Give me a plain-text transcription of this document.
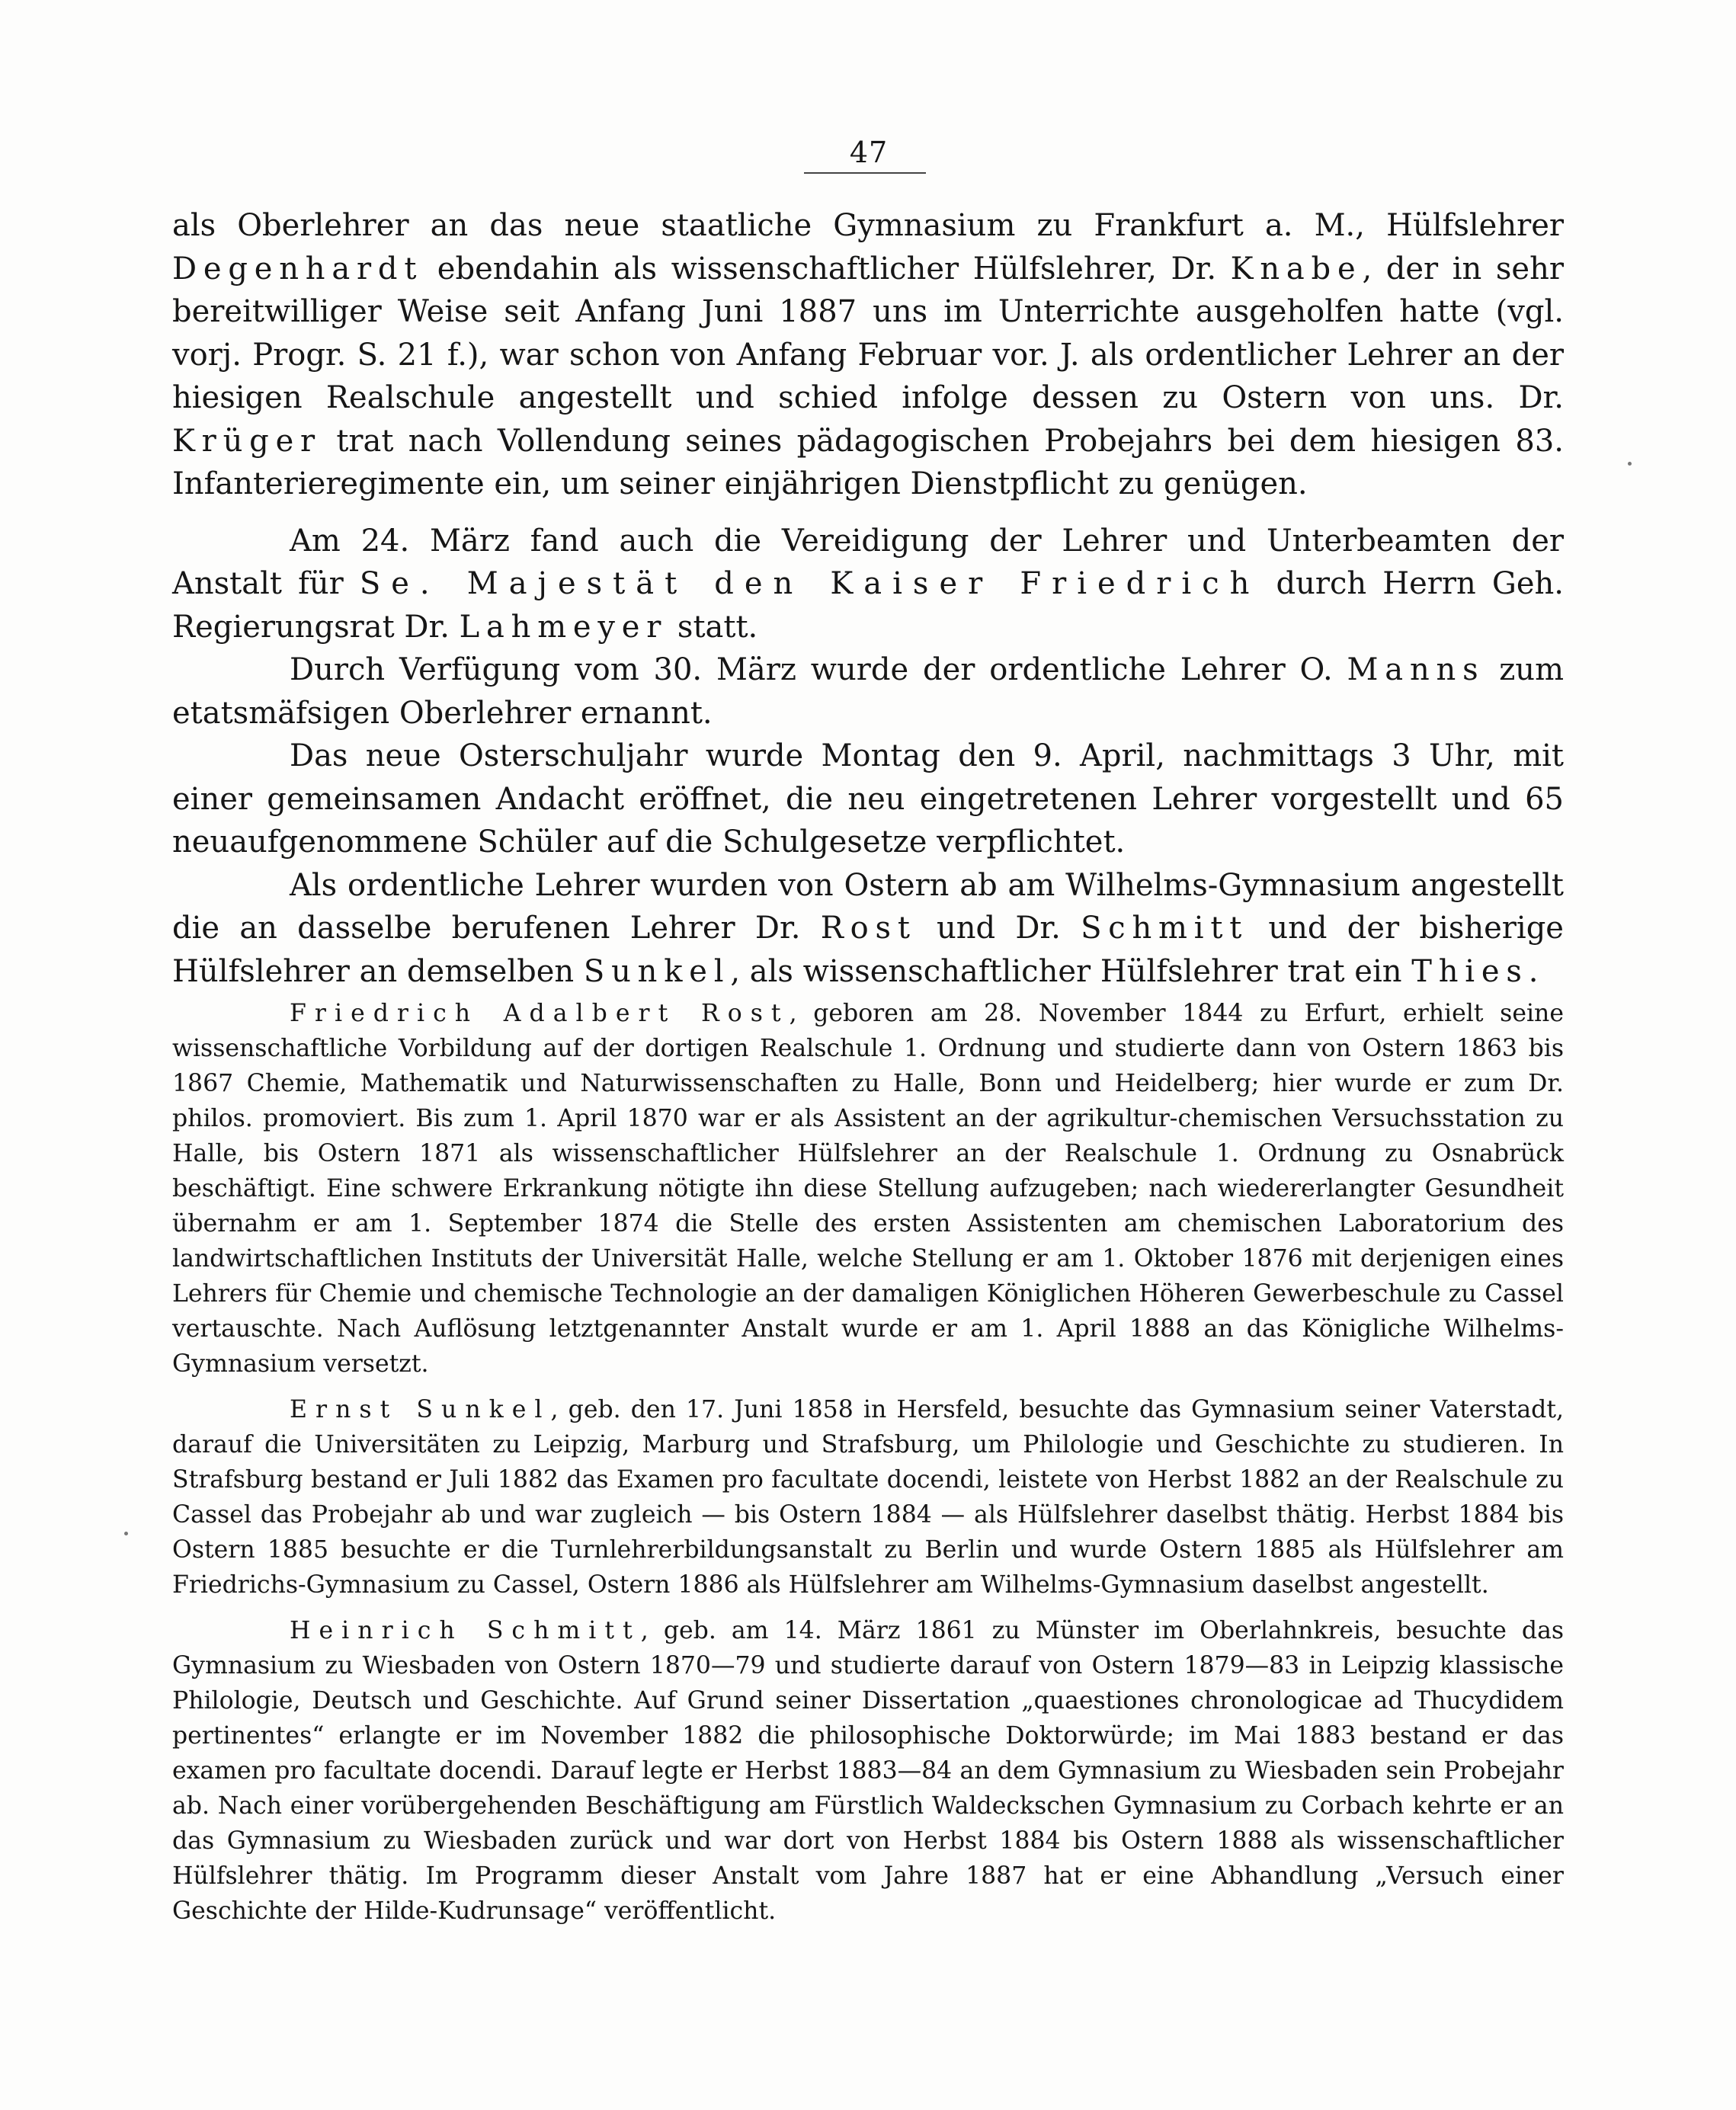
47

als Oberlehrer an das neue staatliche Gymnasium zu Frankfurt a. M., Hülfslehrer Degenhardt ebendahin als wissenschaftlicher Hülfslehrer, Dr. Knabe, der in sehr bereitwilliger Weise seit Anfang Juni 1887 uns im Unterrichte ausgeholfen hatte (vgl. vorj. Progr. S. 21 f.), war schon von Anfang Februar vor. J. als ordentlicher Lehrer an der hiesigen Realschule angestellt und schied infolge dessen zu Ostern von uns. Dr. Krüger trat nach Vollendung seines pädagogischen Probejahrs bei dem hiesigen 83. Infanterieregimente ein, um seiner einjährigen Dienstpflicht zu genügen.

Am 24. März fand auch die Vereidigung der Lehrer und Unterbeamten der Anstalt für Se. Majestät den Kaiser Friedrich durch Herrn Geh. Regierungsrat Dr. Lahmeyer statt.

Durch Verfügung vom 30. März wurde der ordentliche Lehrer O. Manns zum etatsmäfsigen Oberlehrer ernannt.

Das neue Osterschuljahr wurde Montag den 9. April, nachmittags 3 Uhr, mit einer gemeinsamen Andacht eröffnet, die neu eingetretenen Lehrer vorgestellt und 65 neuaufgenommene Schüler auf die Schulgesetze verpflichtet.

Als ordentliche Lehrer wurden von Ostern ab am Wilhelms-Gymnasium angestellt die an dasselbe berufenen Lehrer Dr. Rost und Dr. Schmitt und der bisherige Hülfslehrer an demselben Sunkel, als wissenschaftlicher Hülfslehrer trat ein Thies.

Friedrich Adalbert Rost, geboren am 28. November 1844 zu Erfurt, erhielt seine wissenschaftliche Vorbildung auf der dortigen Realschule 1. Ordnung und studierte dann von Ostern 1863 bis 1867 Chemie, Mathematik und Naturwissenschaften zu Halle, Bonn und Heidelberg; hier wurde er zum Dr. philos. promoviert. Bis zum 1. April 1870 war er als Assistent an der agrikultur-chemischen Versuchsstation zu Halle, bis Ostern 1871 als wissenschaftlicher Hülfslehrer an der Realschule 1. Ordnung zu Osnabrück beschäftigt. Eine schwere Erkrankung nötigte ihn diese Stellung aufzugeben; nach wiedererlangter Gesundheit übernahm er am 1. September 1874 die Stelle des ersten Assistenten am chemischen Laboratorium des landwirtschaftlichen Instituts der Universität Halle, welche Stellung er am 1. Oktober 1876 mit derjenigen eines Lehrers für Chemie und chemische Technologie an der damaligen Königlichen Höheren Gewerbeschule zu Cassel vertauschte. Nach Auflösung letztgenannter Anstalt wurde er am 1. April 1888 an das Königliche Wilhelms-Gymnasium versetzt.

Ernst Sunkel, geb. den 17. Juni 1858 in Hersfeld, besuchte das Gymnasium seiner Vaterstadt, darauf die Universitäten zu Leipzig, Marburg und Strafsburg, um Philologie und Geschichte zu studieren. In Strafsburg bestand er Juli 1882 das Examen pro facultate docendi, leistete von Herbst 1882 an der Realschule zu Cassel das Probejahr ab und war zugleich — bis Ostern 1884 — als Hülfslehrer daselbst thätig. Herbst 1884 bis Ostern 1885 besuchte er die Turnlehrerbildungsanstalt zu Berlin und wurde Ostern 1885 als Hülfslehrer am Friedrichs-Gymnasium zu Cassel, Ostern 1886 als Hülfslehrer am Wilhelms-Gymnasium daselbst angestellt.

Heinrich Schmitt, geb. am 14. März 1861 zu Münster im Oberlahnkreis, besuchte das Gymnasium zu Wiesbaden von Ostern 1870—79 und studierte darauf von Ostern 1879—83 in Leipzig klassische Philologie, Deutsch und Geschichte. Auf Grund seiner Dissertation „quaestiones chronologicae ad Thucydidem pertinentes“ erlangte er im November 1882 die philosophische Doktorwürde; im Mai 1883 bestand er das examen pro facultate docendi. Darauf legte er Herbst 1883—84 an dem Gymnasium zu Wiesbaden sein Probejahr ab. Nach einer vorübergehenden Beschäftigung am Fürstlich Waldeckschen Gymnasium zu Corbach kehrte er an das Gymnasium zu Wiesbaden zurück und war dort von Herbst 1884 bis Ostern 1888 als wissenschaftlicher Hülfslehrer thätig. Im Programm dieser Anstalt vom Jahre 1887 hat er eine Abhandlung „Versuch einer Geschichte der Hilde-Kudrunsage“ veröffentlicht.
